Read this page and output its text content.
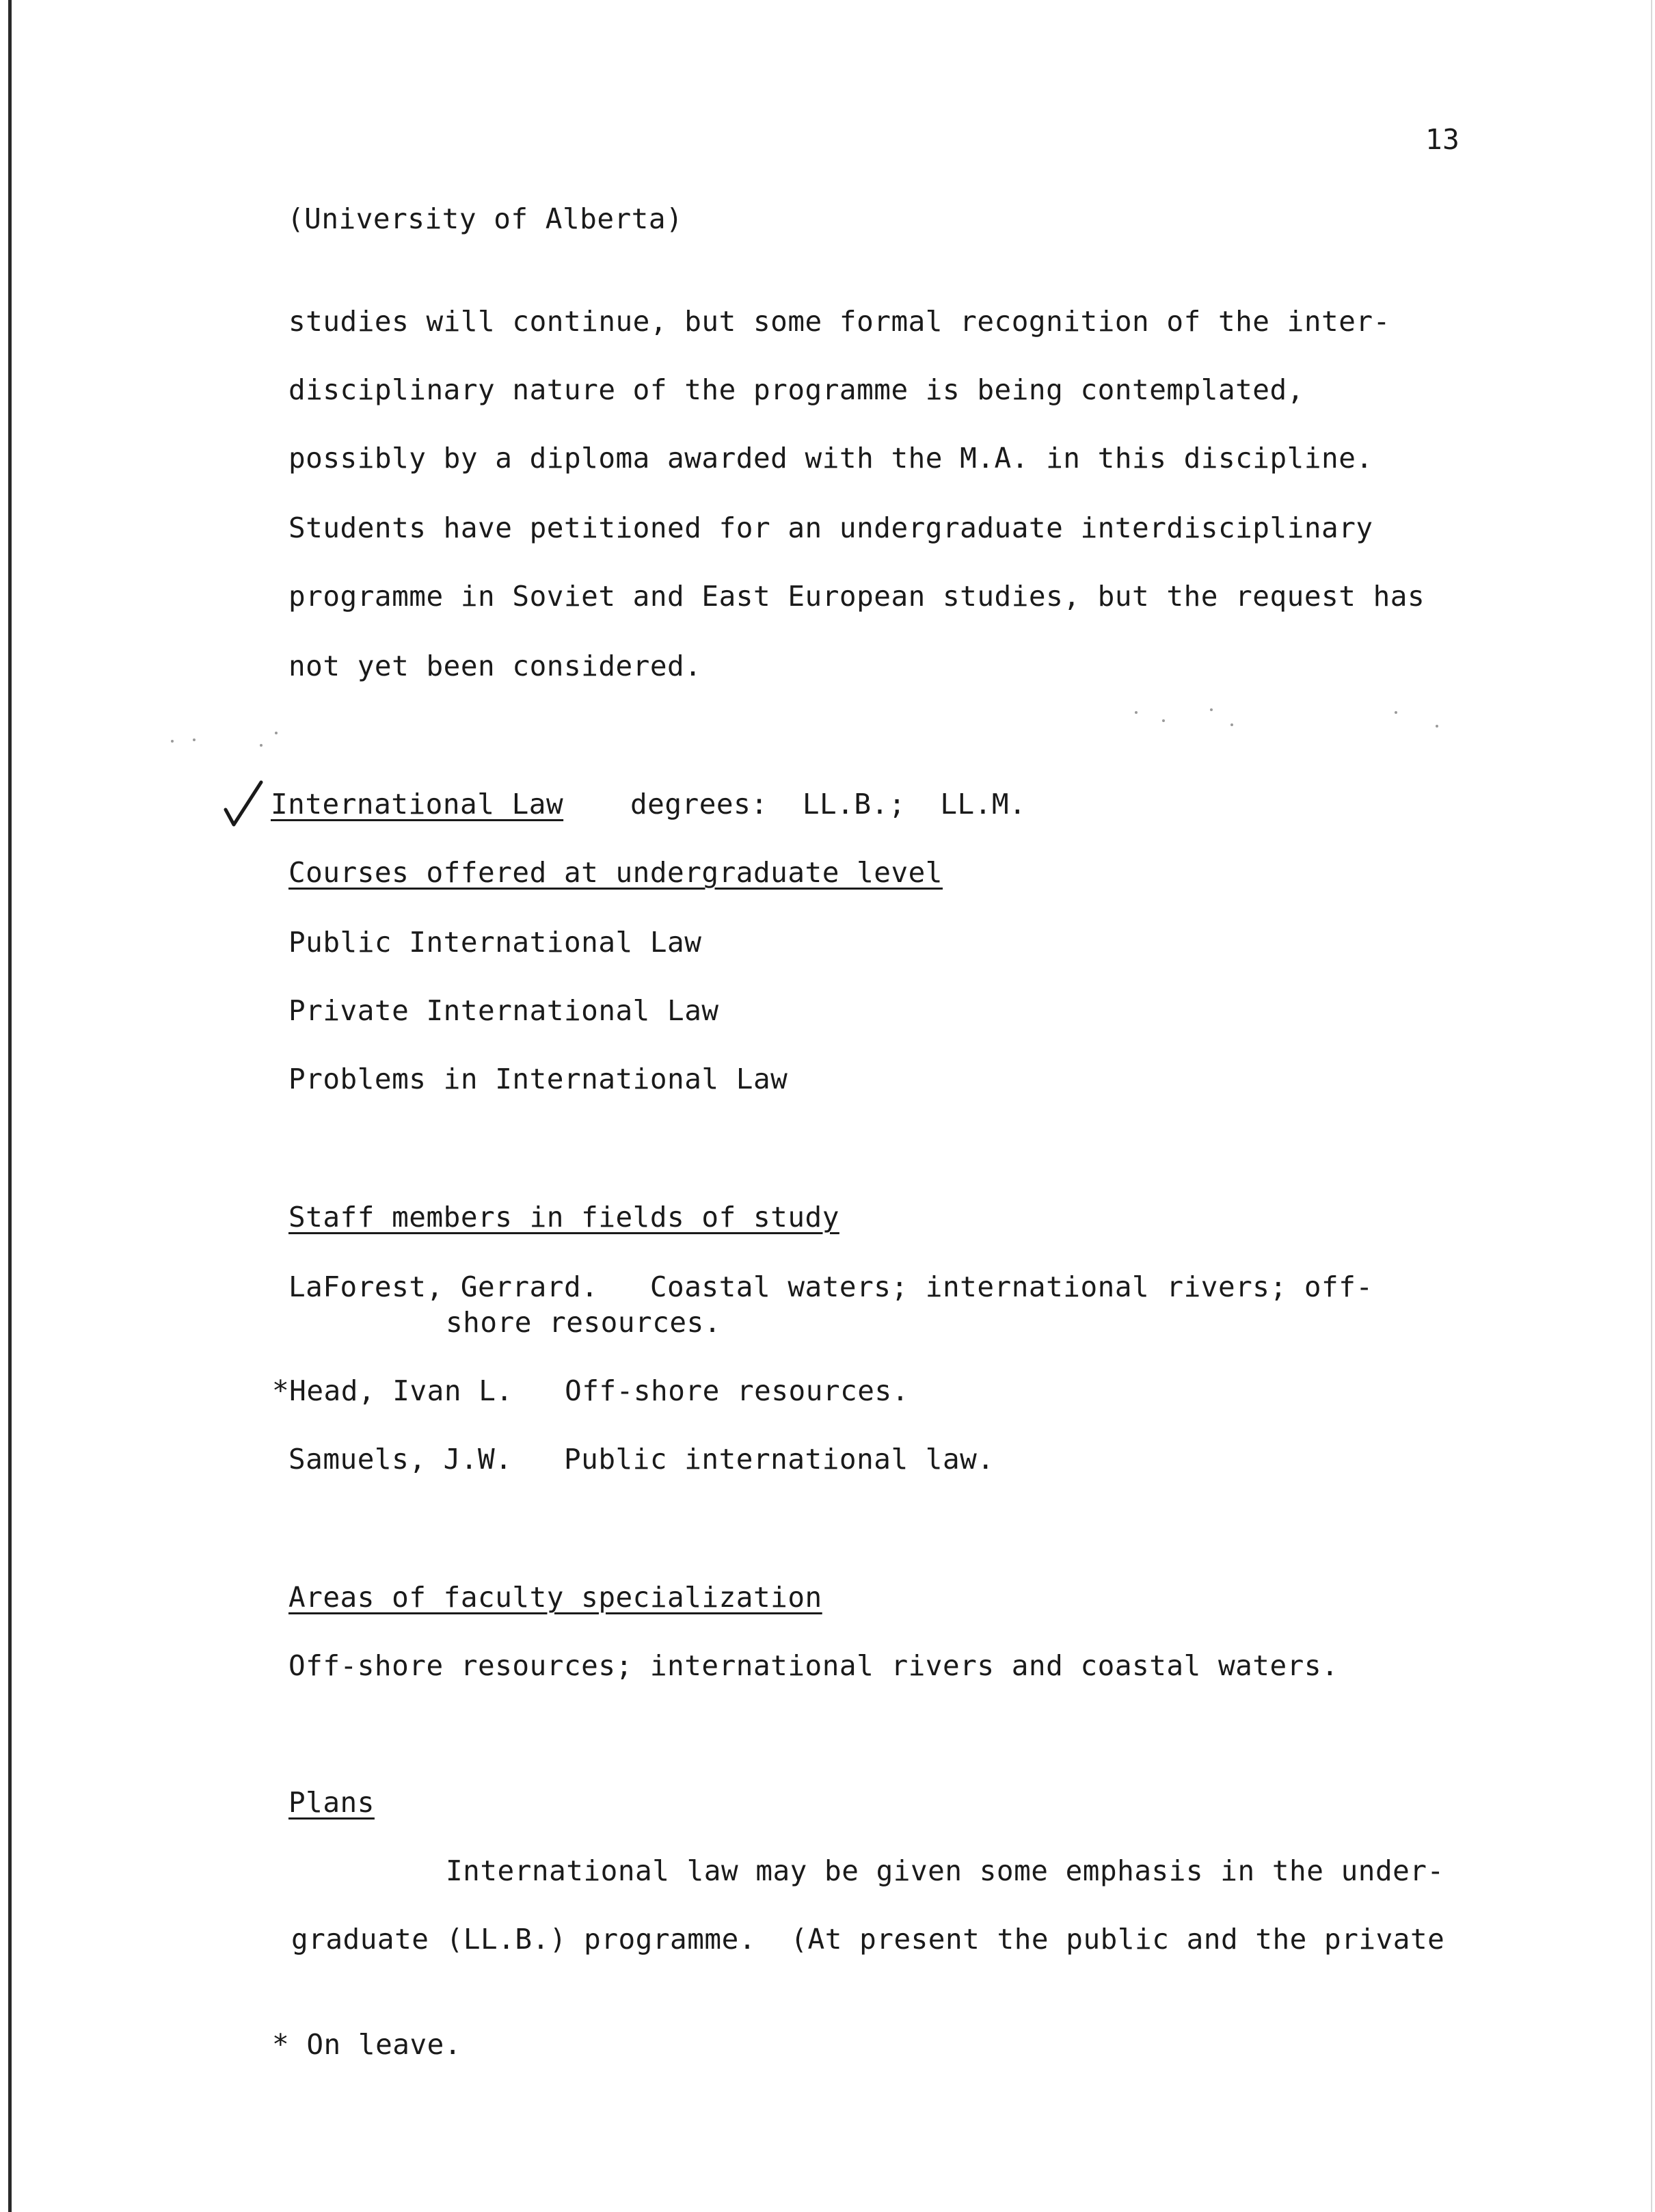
13
(University of Alberta)
studies will continue, but some formal recognition of the inter-
disciplinary nature of the programme is being contemplated,
possibly by a diploma awarded with the M.A. in this discipline.
Students have petitioned for an undergraduate interdisciplinary
programme in Soviet and East European studies, but the request has
not yet been considered.
International Law degrees:  LL.B.;  LL.M.
Courses offered at undergraduate level
Public International Law
Private International Law
Problems in International Law
Staff members in fields of study
LaForest, Gerrard.   Coastal waters; international rivers; off-
shore resources.
*Head, Ivan L.   Off-shore resources.
Samuels, J.W.   Public international law.
Areas of faculty specialization
Off-shore resources; international rivers and coastal waters.
Plans
International law may be given some emphasis in the under-
graduate (LL.B.) programme.  (At present the public and the private
* On leave.
